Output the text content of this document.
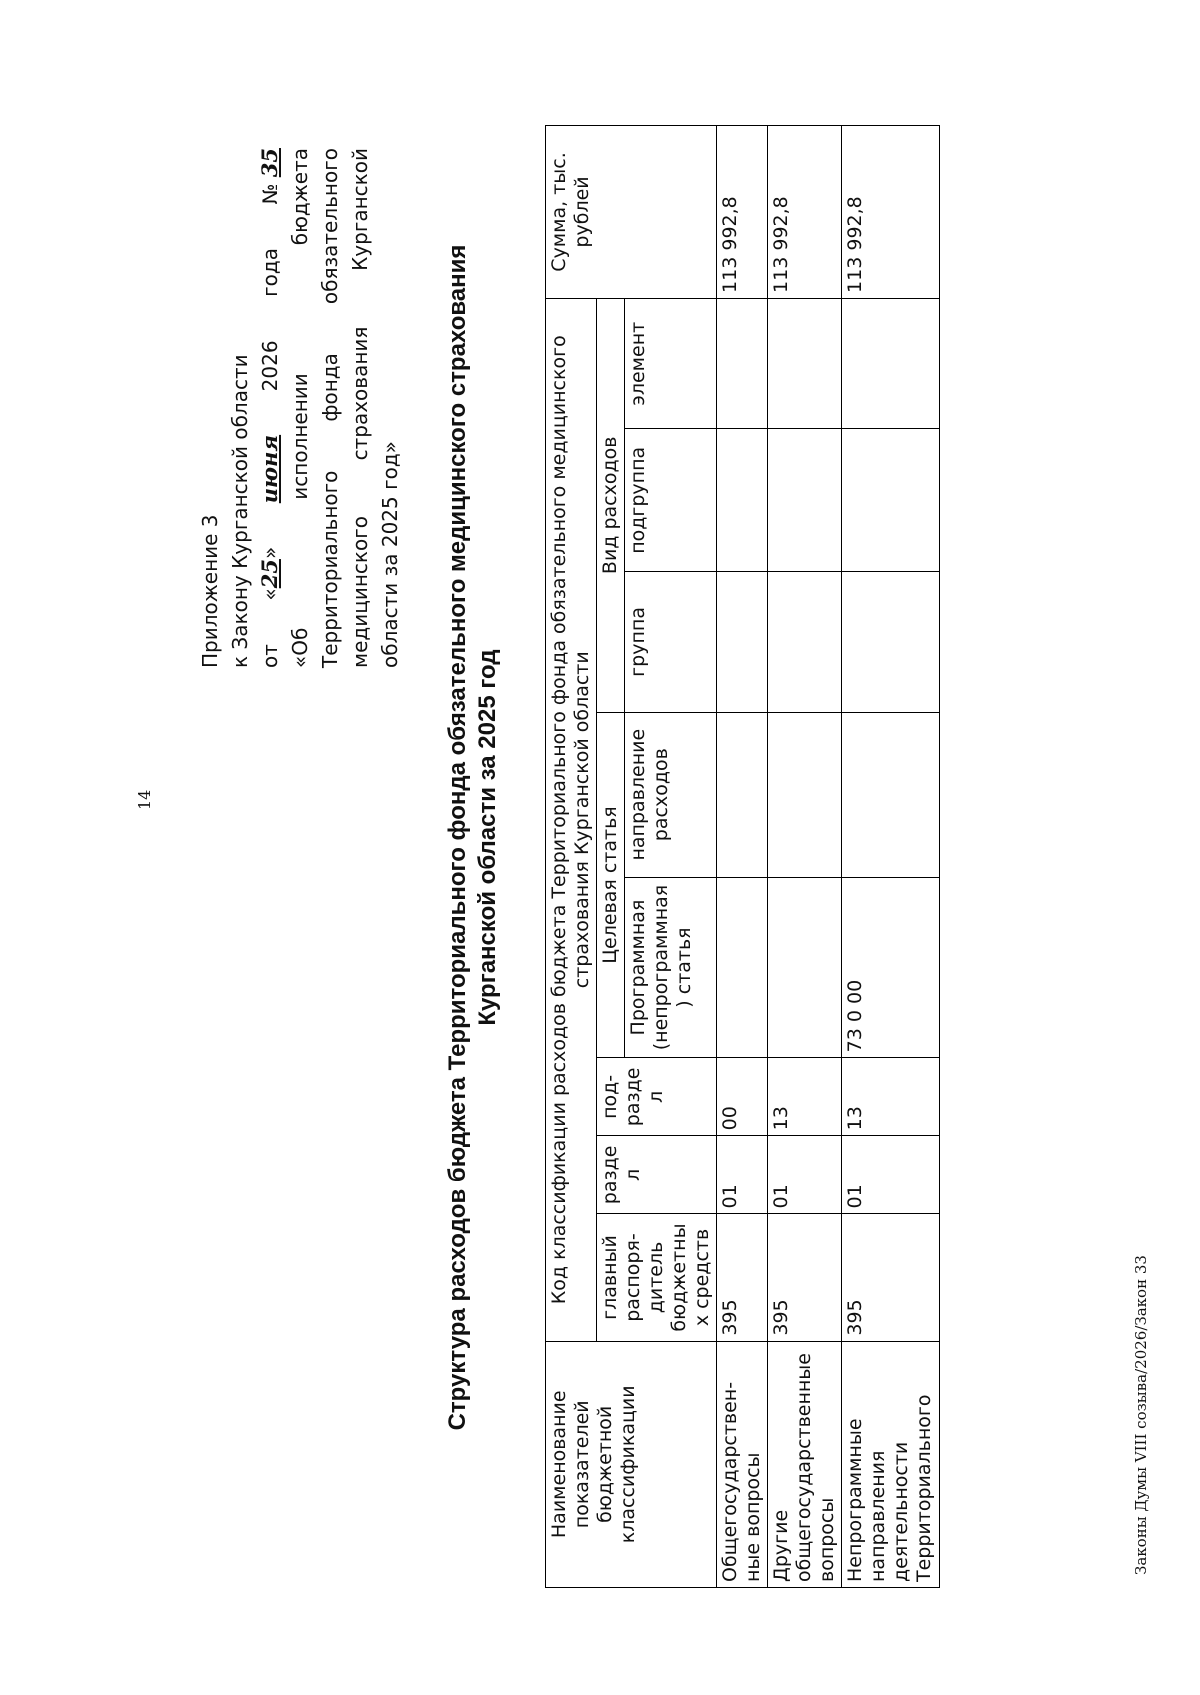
14
Приложение 3 к Закону Курганской области от
«25»
июня
2026
года
№ 35
«Об
исполнении
бюджета
Территориального
фонда
обязательного
медицинского
страхования
Курганской
области за 2025 год» Структура расходов бюджета Территориального фонда обязательного медицинского страхования Курганской области за 2025 год
Наименование показателей бюджетной классификации	Код классификации расходов бюджета Территориального фонда обязательного медицинского страхования Курганской области								Сумма, тыс. рублей
	главный распоря-дитель бюджетных средств	раздел	под-раздел	Целевая статья		Вид расходов			
				Программная (непрограммная) статья	направление расходов	группа	подгруппа	элемент	

Общегосударствен-ные вопросы	395	01	00						113 992,8
Другие общегосударственные вопросы	395	01	13						113 992,8
Непрограммные направления деятельности Территориального	395	01	13	73 0 00					113 992,8
Законы Думы VIII созыва/2026/Закон 33
